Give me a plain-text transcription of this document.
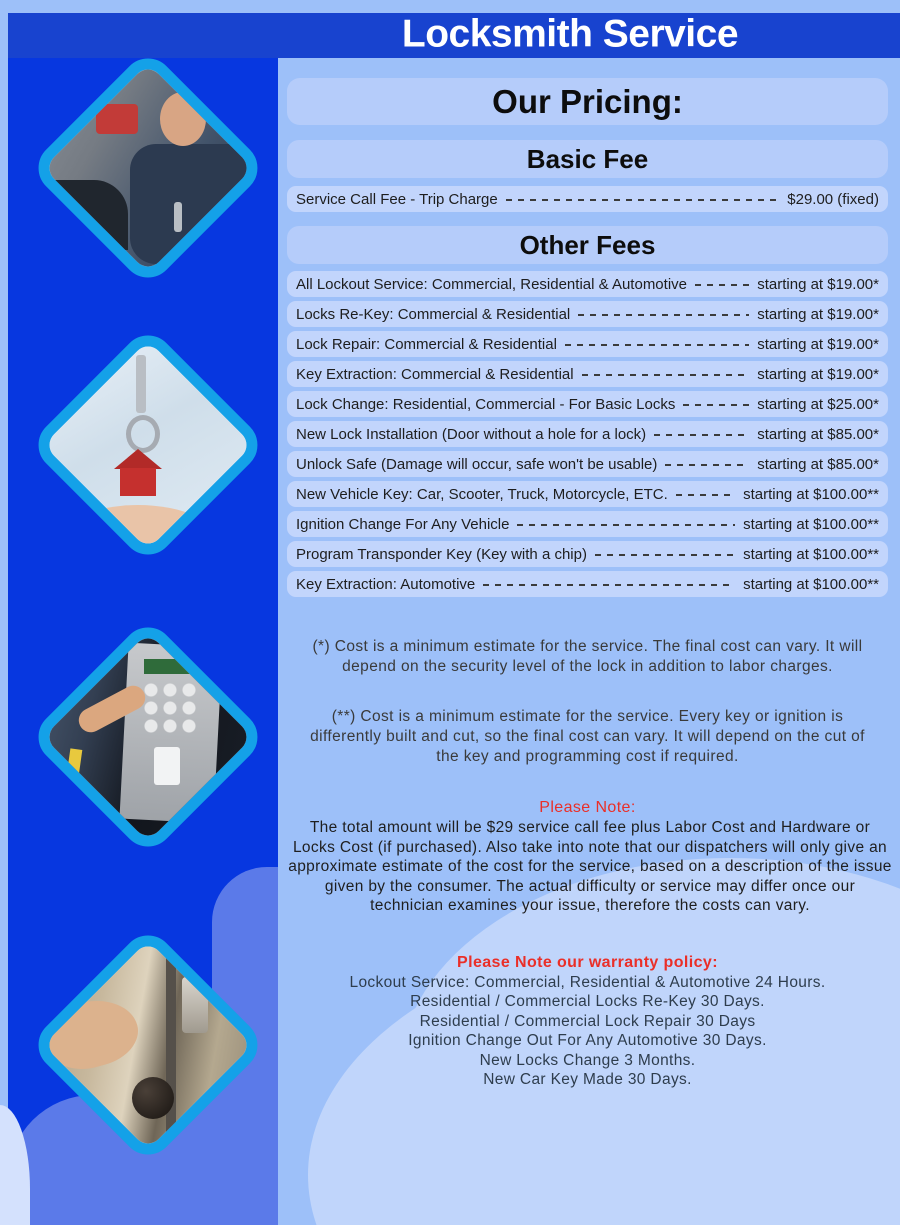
Locksmith Service
Our Pricing:
Basic Fee
Service Call Fee - Trip Charge	$29.00 (fixed)
Other Fees
All Lockout Service: Commercial, Residential & Automotive	starting at $19.00*
Locks Re-Key: Commercial & Residential	starting at $19.00*
Lock Repair: Commercial & Residential	starting at $19.00*
Key Extraction: Commercial & Residential	starting at $19.00*
Lock Change: Residential, Commercial - For Basic Locks	starting at $25.00*
New Lock Installation (Door without a hole for a lock)	starting at $85.00*
Unlock Safe (Damage will occur, safe won't be usable)	starting at $85.00*
New Vehicle Key: Car, Scooter, Truck, Motorcycle, ETC.	starting at $100.00**
Ignition Change For Any Vehicle	starting at $100.00**
Program Transponder Key (Key with a chip)	starting at $100.00**
Key Extraction: Automotive	starting at $100.00**
(*) Cost is a minimum estimate for the service. The final cost can vary. It will depend on the security level of the lock in addition to labor charges.
(**) Cost is a minimum estimate for the service. Every key or ignition is differently built and cut, so the final cost can vary. It will depend on the cut of the key and programming cost if required.
Please Note:
The total amount will be $29 service call fee plus Labor Cost and Hardware or Locks Cost (if purchased). Also take into note that our dispatchers will only give an approximate estimate of the cost for the service, based on a description of the issue given by the consumer. The actual difficulty or service may differ once our technician examines your issue, therefore the costs can vary.
Please Note our warranty policy:
Lockout Service: Commercial, Residential & Automotive 24 Hours.
Residential / Commercial Locks Re-Key 30 Days.
Residential / Commercial Lock Repair 30 Days
Ignition Change Out For Any Automotive 30 Days.
New Locks Change 3 Months.
New Car Key Made 30 Days.
